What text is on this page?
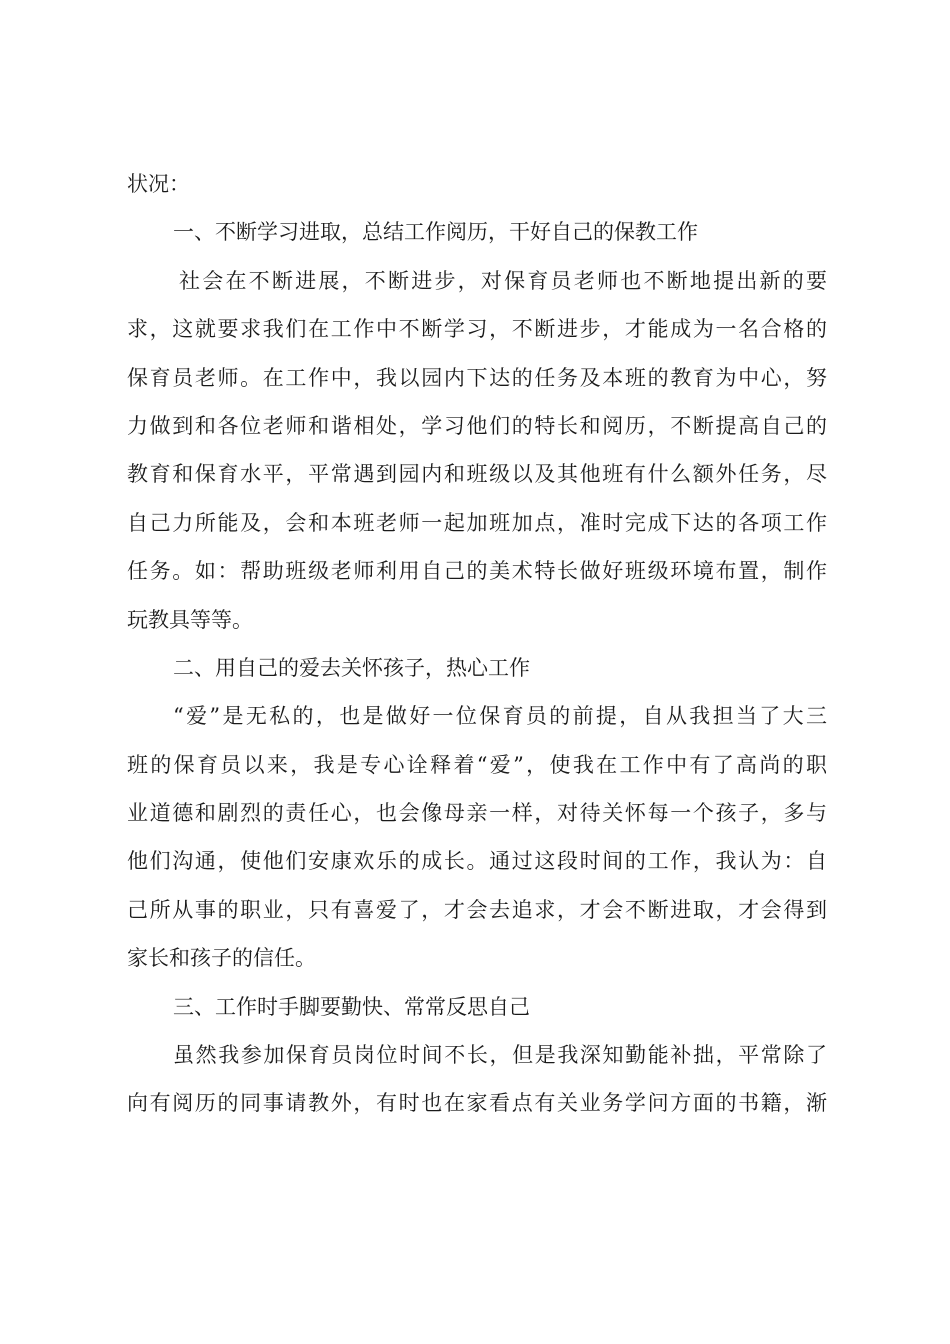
状况：
一、不断学习进取，总结工作阅历，干好自己的保教工作
社会在不断进展，不断进步，对保育员老师也不断地提出新的要
求，这就要求我们在工作中不断学习，不断进步，才能成为一名合格的
保育员老师。在工作中，我以园内下达的任务及本班的教育为中心，努
力做到和各位老师和谐相处，学习他们的特长和阅历，不断提高自己的
教育和保育水平，平常遇到园内和班级以及其他班有什么额外任务，尽
自己力所能及，会和本班老师一起加班加点，准时完成下达的各项工作
任务。如：帮助班级老师利用自己的美术特长做好班级环境布置，制作
玩教具等等。
二、用自己的爱去关怀孩子，热心工作
“爱”是无私的，也是做好一位保育员的前提，自从我担当了大三
班的保育员以来，我是专心诠释着“爱”，使我在工作中有了高尚的职
业道德和剧烈的责任心，也会像母亲一样，对待关怀每一个孩子，多与
他们沟通，使他们安康欢乐的成长。通过这段时间的工作，我认为：自
己所从事的职业，只有喜爱了，才会去追求，才会不断进取，才会得到
家长和孩子的信任。
三、工作时手脚要勤快、常常反思自己
虽然我参加保育员岗位时间不长，但是我深知勤能补拙，平常除了
向有阅历的同事请教外，有时也在家看点有关业务学问方面的书籍，渐
